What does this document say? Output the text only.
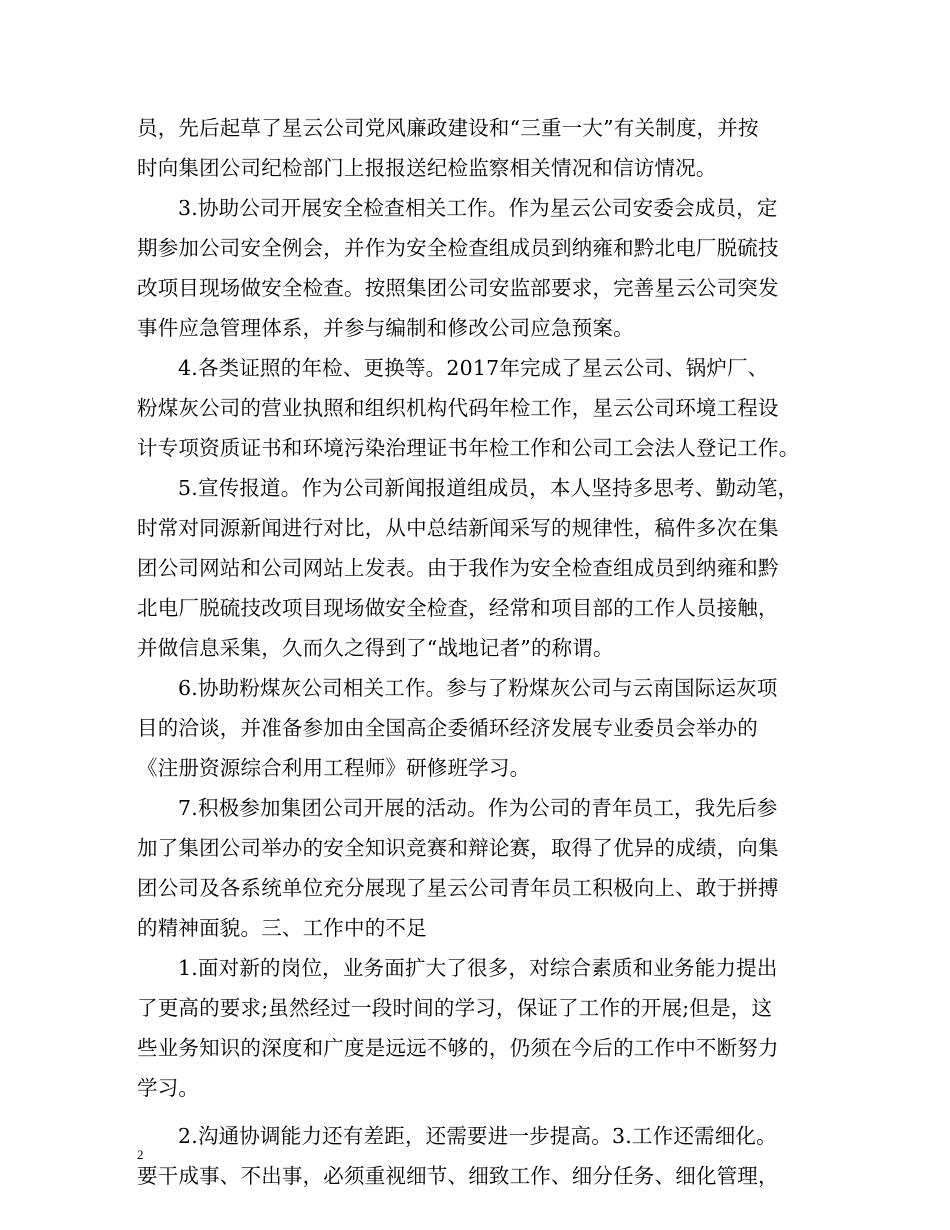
员，先后起草了星云公司党风廉政建设和“三重一大”有关制度，并按
时向集团公司纪检部门上报报送纪检监察相关情况和信访情况。
3.协助公司开展安全检查相关工作。作为星云公司安委会成员，定
期参加公司安全例会，并作为安全检查组成员到纳雍和黔北电厂脱硫技
改项目现场做安全检查。按照集团公司安监部要求，完善星云公司突发
事件应急管理体系，并参与编制和修改公司应急预案。
4.各类证照的年检、更换等。2017年完成了星云公司、锅炉厂、
粉煤灰公司的营业执照和组织机构代码年检工作，星云公司环境工程设
计专项资质证书和环境污染治理证书年检工作和公司工会法人登记工作。
5.宣传报道。作为公司新闻报道组成员，本人坚持多思考、勤动笔，
时常对同源新闻进行对比，从中总结新闻采写的规律性，稿件多次在集
团公司网站和公司网站上发表。由于我作为安全检查组成员到纳雍和黔
北电厂脱硫技改项目现场做安全检查，经常和项目部的工作人员接触，
并做信息采集，久而久之得到了“战地记者”的称谓。
6.协助粉煤灰公司相关工作。参与了粉煤灰公司与云南国际运灰项
目的洽谈，并准备参加由全国高企委循环经济发展专业委员会举办的
《注册资源综合利用工程师》研修班学习。
7.积极参加集团公司开展的活动。作为公司的青年员工，我先后参
加了集团公司举办的安全知识竞赛和辩论赛，取得了优异的成绩，向集
团公司及各系统单位充分展现了星云公司青年员工积极向上、敢于拼搏
的精神面貌。三、工作中的不足
1.面对新的岗位，业务面扩大了很多，对综合素质和业务能力提出
了更高的要求;虽然经过一段时间的学习，保证了工作的开展;但是，这
些业务知识的深度和广度是远远不够的，仍须在今后的工作中不断努力
学习。
2.沟通协调能力还有差距，还需要进一步提高。3.工作还需细化。
要干成事、不出事，必须重视细节、细致工作、细分任务、细化管理，
2
